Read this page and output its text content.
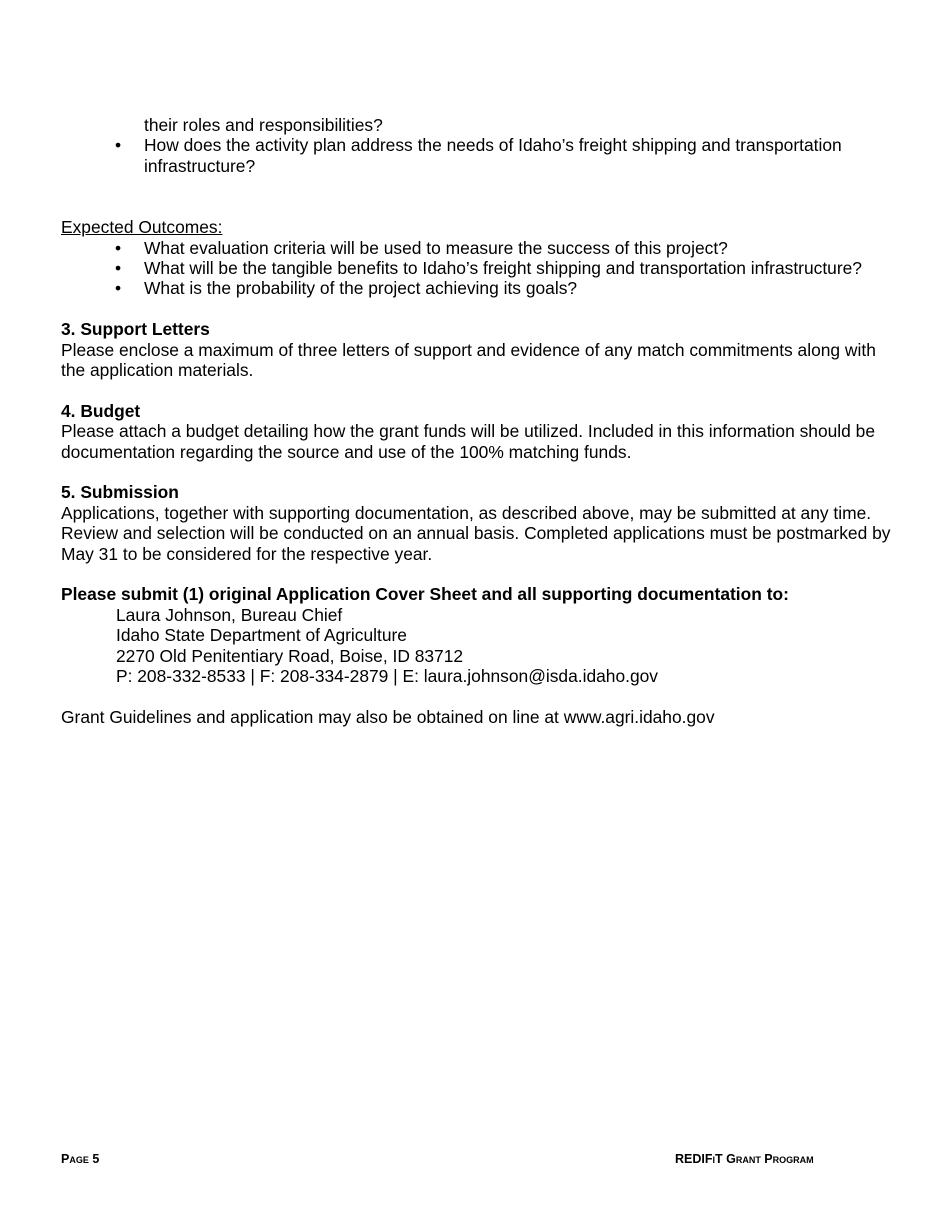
their roles and responsibilities?
• How does the activity plan address the needs of Idaho’s freight shipping and transportation infrastructure?
Expected Outcomes:
• What evaluation criteria will be used to measure the success of this project?
• What will be the tangible benefits to Idaho’s freight shipping and transportation infrastructure?
• What is the probability of the project achieving its goals?
3. Support Letters
Please enclose a maximum of three letters of support and evidence of any match commitments along with the application materials.
4. Budget
Please attach a budget detailing how the grant funds will be utilized. Included in this information should be documentation regarding the source and use of the 100% matching funds.
5. Submission
Applications, together with supporting documentation, as described above, may be submitted at any time. Review and selection will be conducted on an annual basis. Completed applications must be postmarked by May 31 to be considered for the respective year.
Please submit (1) original Application Cover Sheet and all supporting documentation to:
Laura Johnson, Bureau Chief
Idaho State Department of Agriculture
2270 Old Penitentiary Road, Boise, ID 83712
P: 208-332-8533 | F: 208-334-2879 | E: laura.johnson@isda.idaho.gov
Grant Guidelines and application may also be obtained on line at www.agri.idaho.gov
Page 5	REDIFiT Grant Program
